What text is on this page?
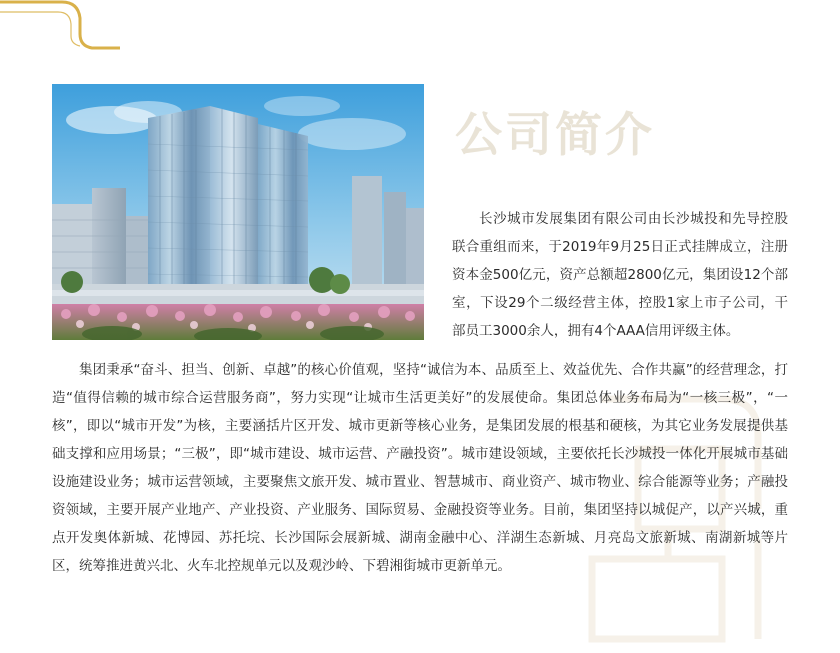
公司简介
长沙城市发展集团有限公司由长沙城投和先导控股联合重组而来，于2019年9月25日正式挂牌成立，注册资本金500亿元，资产总额超2800亿元，集团设12个部室，下设29个二级经营主体，控股1家上市子公司，干部员工3000余人，拥有4个AAA信用评级主体。
集团秉承“奋斗、担当、创新、卓越”的核心价值观，坚持“诚信为本、品质至上、效益优先、合作共赢”的经营理念，打造“值得信赖的城市综合运营服务商”，努力实现“让城市生活更美好”的发展使命。集团总体业务布局为“一核三极”，“一核”，即以“城市开发”为核，主要涵括片区开发、城市更新等核心业务，是集团发展的根基和硬核，为其它业务发展提供基础支撑和应用场景；“三极”，即“城市建设、城市运营、产融投资”。城市建设领域，主要依托长沙城投一体化开展城市基础设施建设业务；城市运营领域，主要聚焦文旅开发、城市置业、智慧城市、商业资产、城市物业、综合能源等业务；产融投资领域，主要开展产业地产、产业投资、产业服务、国际贸易、金融投资等业务。目前，集团坚持以城促产，以产兴城，重点开发奥体新城、花博园、苏托垸、长沙国际会展新城、湖南金融中心、洋湖生态新城、月亮岛文旅新城、南湖新城等片区，统筹推进黄兴北、火车北控规单元以及观沙岭、下碧湘街城市更新单元。
